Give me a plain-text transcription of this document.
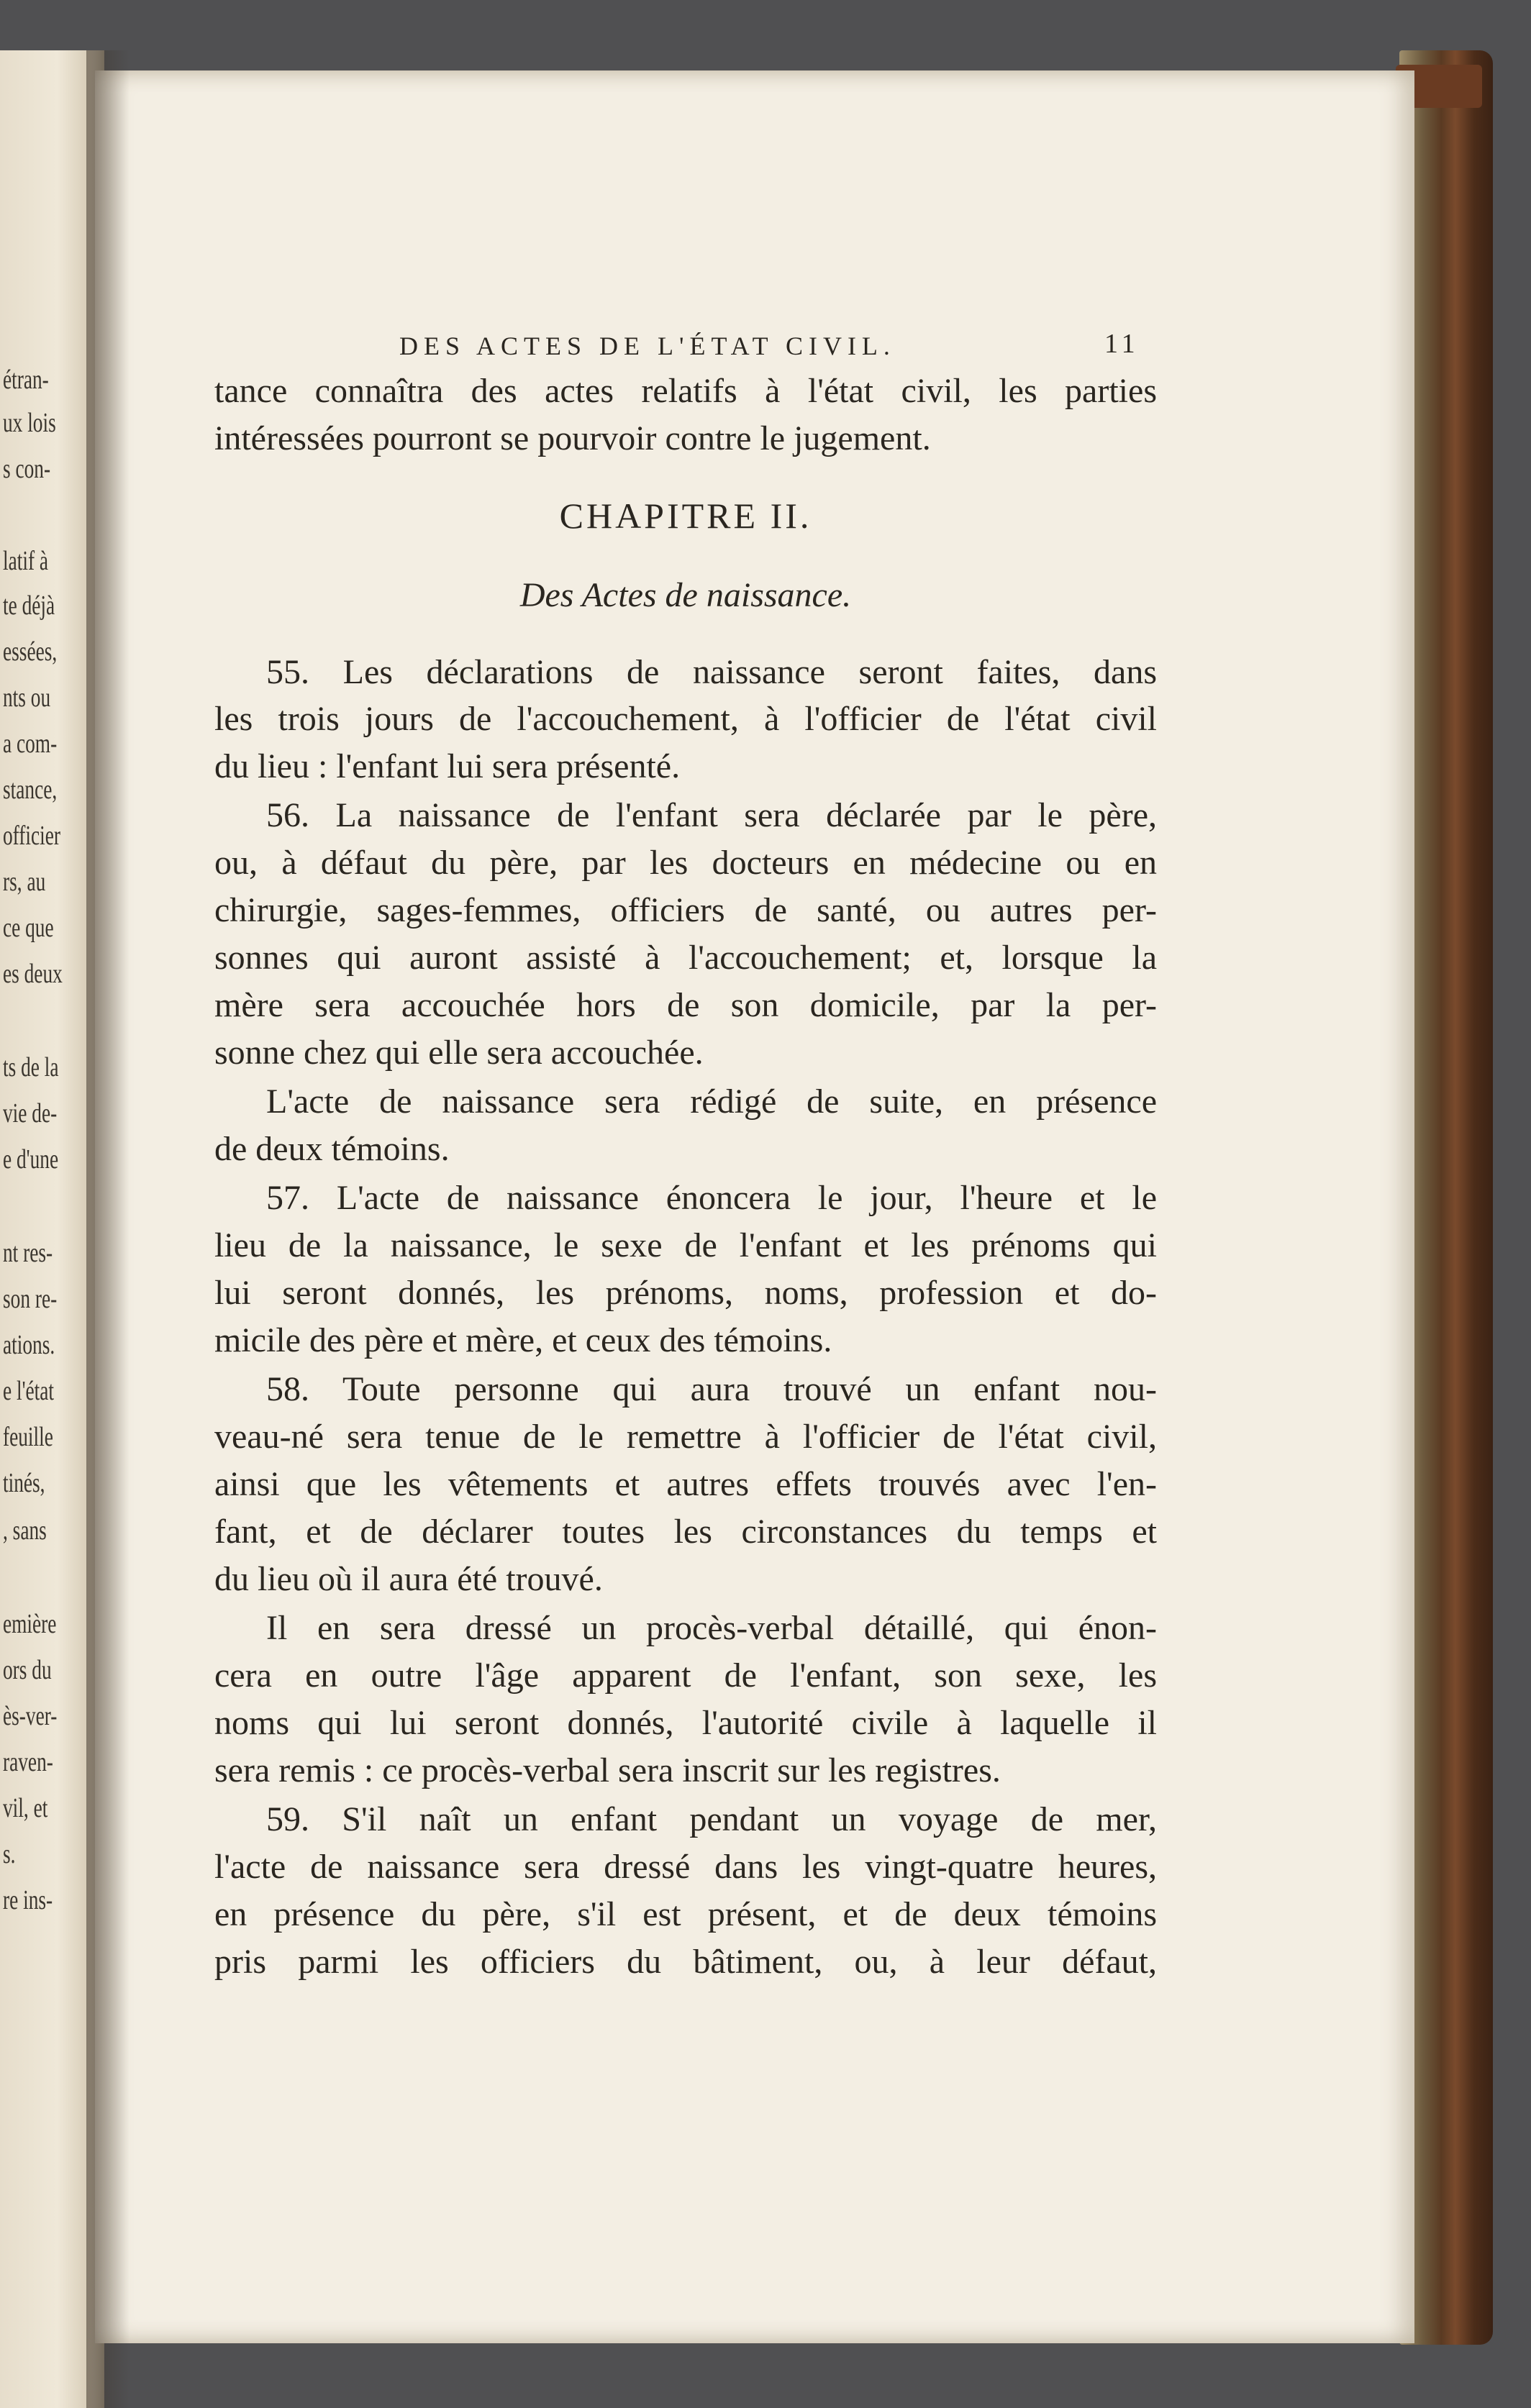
étran-
ux lois
s con-
latif à
te déjà
essées,
nts ou
a com-
stance,
officier
rs, au
ce que
es deux
ts de la
vie de-
e d'une
nt res-
son re-
ations.
e l'état
feuille
tinés,
, sans
emière
ors du
ès-ver-
raven-
vil, et
s.
re ins-
DES ACTES DE L'ÉTAT CIVIL.	11
tance connaîtra des actes relatifs à l'état civil, les parties
intéressées pourront se pourvoir contre le jugement.
CHAPITRE II.
Des Actes de naissance.
55. Les déclarations de naissance seront faites, dans
les trois jours de l'accouchement, à l'officier de l'état civil
du lieu : l'enfant lui sera présenté.
56. La naissance de l'enfant sera déclarée par le père,
ou, à défaut du père, par les docteurs en médecine ou en
chirurgie, sages-femmes, officiers de santé, ou autres per-
sonnes qui auront assisté à l'accouchement; et, lorsque la
mère sera accouchée hors de son domicile, par la per-
sonne chez qui elle sera accouchée.
L'acte de naissance sera rédigé de suite, en présence
de deux témoins.
57. L'acte de naissance énoncera le jour, l'heure et le
lieu de la naissance, le sexe de l'enfant et les prénoms qui
lui seront donnés, les prénoms, noms, profession et do-
micile des père et mère, et ceux des témoins.
58. Toute personne qui aura trouvé un enfant nou-
veau-né sera tenue de le remettre à l'officier de l'état civil,
ainsi que les vêtements et autres effets trouvés avec l'en-
fant, et de déclarer toutes les circonstances du temps et
du lieu où il aura été trouvé.
Il en sera dressé un procès-verbal détaillé, qui énon-
cera en outre l'âge apparent de l'enfant, son sexe, les
noms qui lui seront donnés, l'autorité civile à laquelle il
sera remis : ce procès-verbal sera inscrit sur les registres.
59. S'il naît un enfant pendant un voyage de mer,
l'acte de naissance sera dressé dans les vingt-quatre heures,
en présence du père, s'il est présent, et de deux témoins
pris parmi les officiers du bâtiment, ou, à leur défaut,
